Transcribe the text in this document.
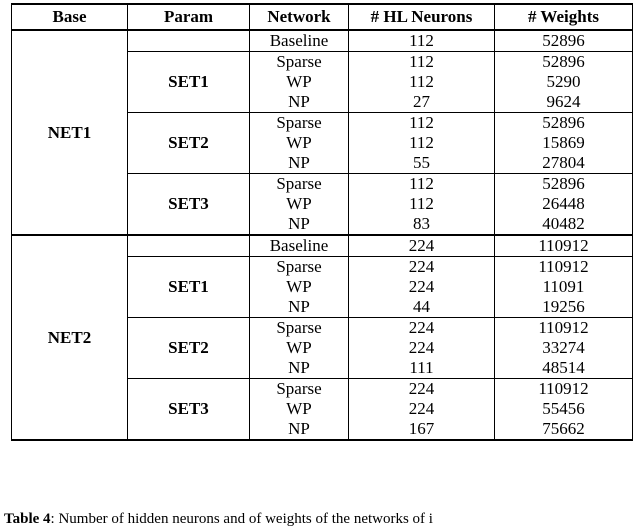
Base	Param	Network	# HL Neurons	# Weights
NET1		Baseline	112	52896
	SET1	Sparse	112	52896
		WP	112	5290
		NP	27	9624
	SET2	Sparse	112	52896
		WP	112	15869
		NP	55	27804
	SET3	Sparse	112	52896
		WP	112	26448
		NP	83	40482
NET2		Baseline	224	110912
	SET1	Sparse	224	110912
		WP	224	11091
		NP	44	19256
	SET2	Sparse	224	110912
		WP	224	33274
		NP	111	48514
	SET3	Sparse	224	110912
		WP	224	55456
		NP	167	75662
Table 4: Number of hidden neurons and of weights of the networks of i
